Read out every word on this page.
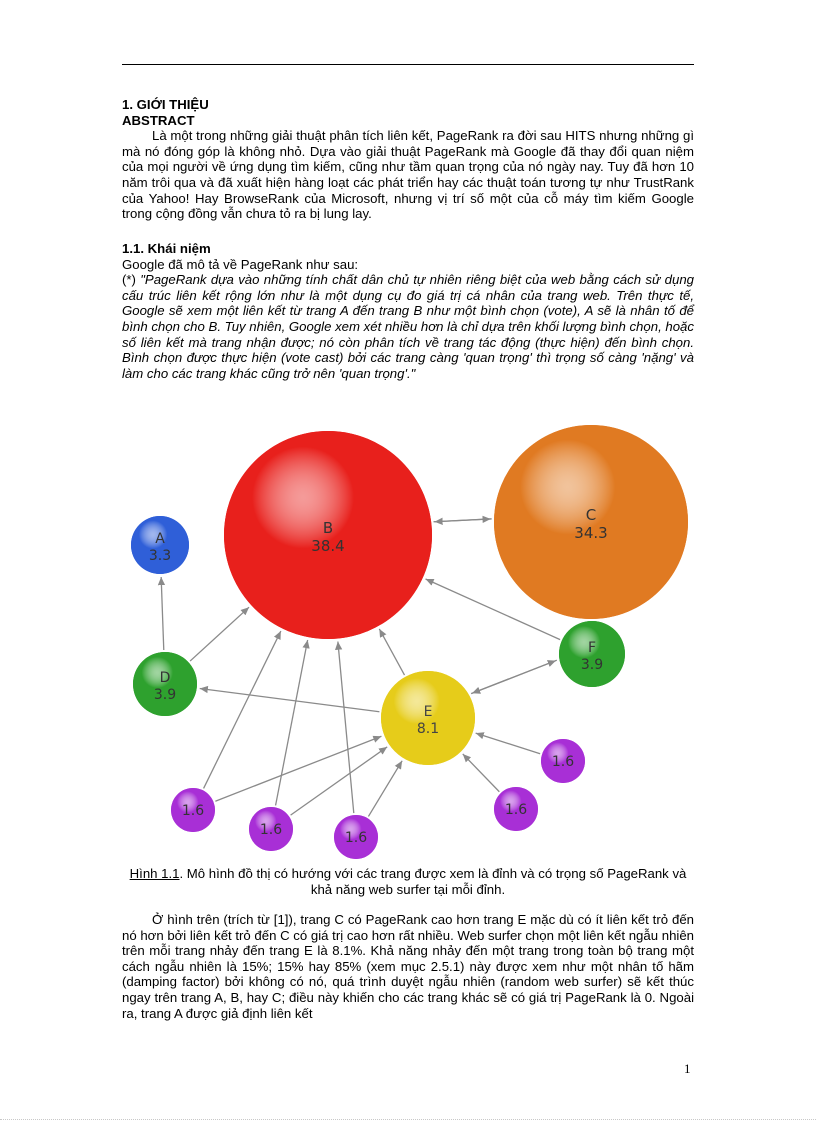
1. GIỚI THIỆU
ABSTRACT

Là một trong những giải thuật phân tích liên kết, PageRank ra đời sau HITS nhưng những gì mà nó đóng góp là không nhỏ. Dựa vào giải thuật PageRank mà Google đã thay đổi quan niệm của mọi người về ứng dụng tìm kiếm, cũng như tầm quan trọng của nó ngày nay. Tuy đã hơn 10 năm trôi qua và đã xuất hiện hàng loạt các phát triển hay các thuật toán tương tự như TrustRank của Yahoo! Hay BrowseRank của Microsoft, nhưng vị trí số một của cỗ máy tìm kiếm Google trong cộng đồng vẫn chưa tỏ ra bị lung lay.

1.1. Khái niệm
Google đã mô tả về PageRank như sau:

(*) "PageRank dựa vào những tính chất dân chủ tự nhiên riêng biệt của web bằng cách sử dụng cấu trúc liên kết rộng lớn như là một dụng cụ đo giá trị cá nhân của trang web. Trên thực tế, Google sẽ xem một liên kết từ trang A đến trang B như một bình chọn (vote), A sẽ là nhân tố để bình chọn cho B. Tuy nhiên, Google xem xét nhiều hơn là chỉ dựa trên khối lượng bình chọn, hoặc số liên kết mà trang nhận được; nó còn phân tích về trang tác động (thực hiện) đến bình chọn. Bình chọn được thực hiện (vote cast) bởi các trang càng 'quan trọng' thì trọng số càng 'nặng' và làm cho các trang khác cũng trở nên 'quan trọng'."

A
3.3
B
38.4
C
34.3
D
3.9
E
8.1
F
3.9
1.6
1.6	1.6
1.6
1.6
Hình 1.1. Mô hình đồ thị có hướng với các trang được xem là đỉnh và có trọng số PageRank và khả năng web surfer tại mỗi đỉnh.

Ở hình trên (trích từ [1]), trang C có PageRank cao hơn trang E mặc dù có ít liên kết trỏ đến nó hơn bởi liên kết trỏ đến C có giá trị cao hơn rất nhiều. Web surfer chọn một liên kết ngẫu nhiên trên mỗi trang nhảy đến trang E là 8.1%. Khả năng nhảy đến một trang trong toàn bộ trang một cách ngẫu nhiên là 15%; 15% hay 85% (xem mục 2.5.1) này được xem như một nhân tố hãm (damping factor) bởi không có nó, quá trình duyệt ngẫu nhiên (random web surfer) sẽ kết thúc ngay trên trang A, B, hay C; điều này khiến cho các trang khác sẽ có giá trị PageRank là 0. Ngoài ra, trang A được giả định liên kết

1
